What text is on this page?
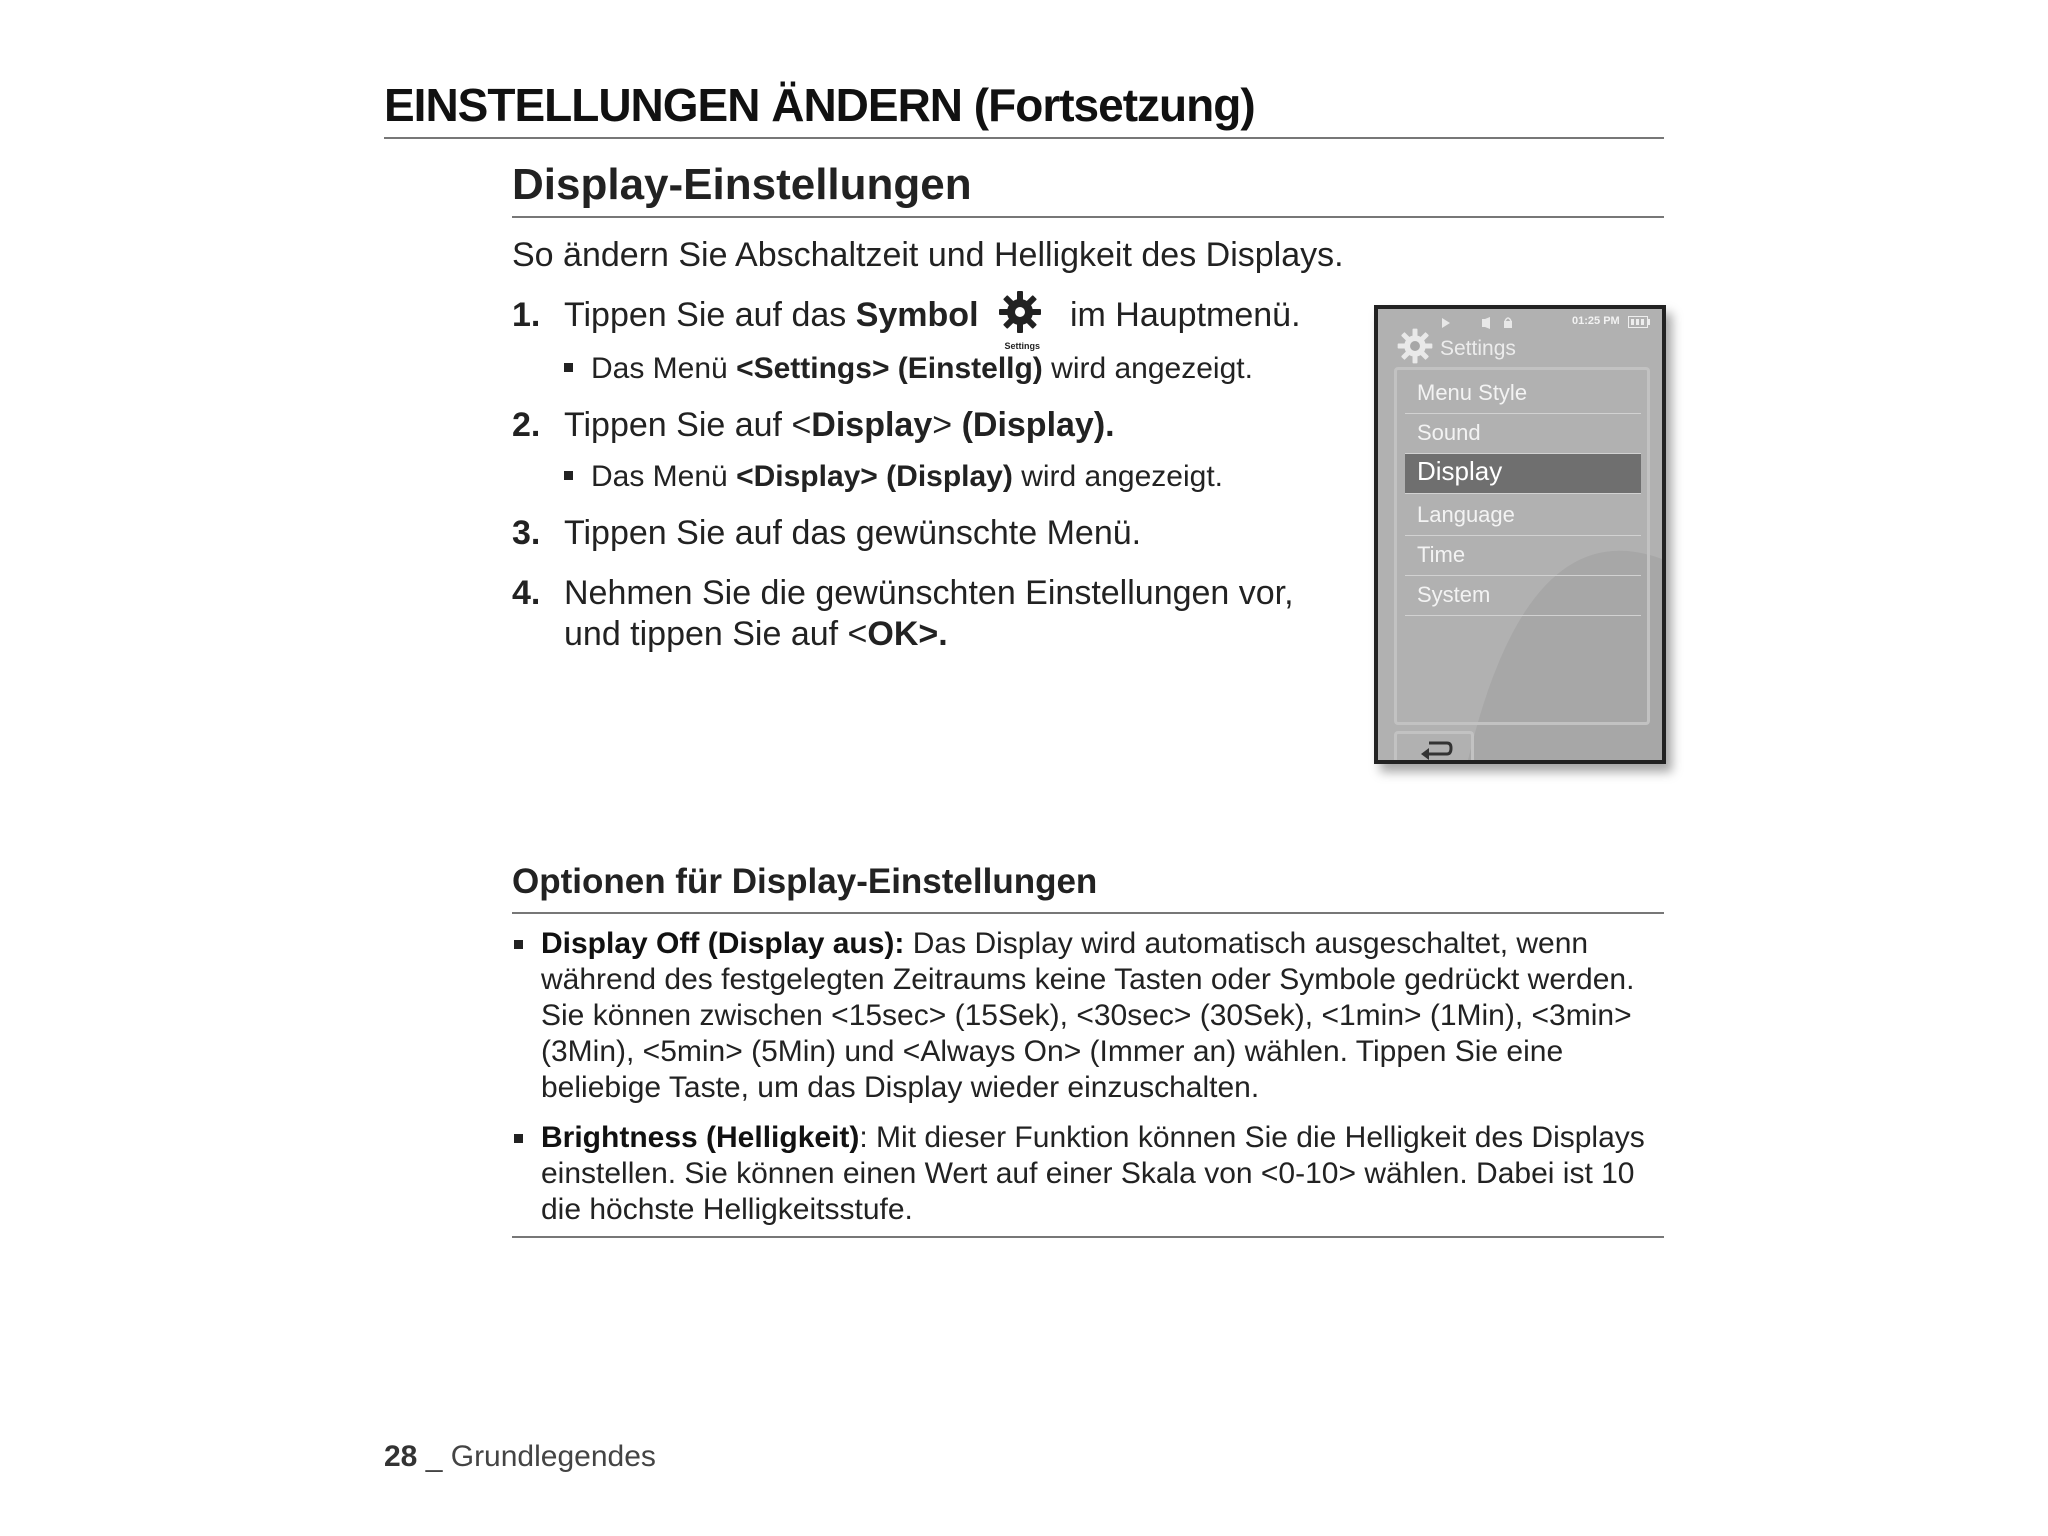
EINSTELLUNGEN ÄNDERN (Fortsetzung)
Display-Einstellungen
So ändern Sie Abschaltzeit und Helligkeit des Displays.
1. Tippen Sie auf das Symbol
Settings
im Hauptmenü.
Das Menü <Settings> (Einstellg) wird angezeigt.
2. Tippen Sie auf <Display> (Display).
Das Menü <Display> (Display) wird angezeigt.
3. Tippen Sie auf das gewünschte Menü.
4. Nehmen Sie die gewünschten Einstellungen vor,
und tippen Sie auf <OK>.
01:25 PM
Settings
Menu Style
Sound
Display
Language
Time
System
Optionen für Display-Einstellungen
Display Off (Display aus): Das Display wird automatisch ausgeschaltet, wenn während des festgelegten Zeitraums keine Tasten oder Symbole gedrückt werden. Sie können zwischen <15sec> (15Sek), <30sec> (30Sek), <1min> (1Min), <3min> (3Min), <5min> (5Min) und <Always On> (Immer an) wählen. Tippen Sie eine beliebige Taste, um das Display wieder einzuschalten.
Brightness (Helligkeit): Mit dieser Funktion können Sie die Helligkeit des Displays einstellen. Sie können einen Wert auf einer Skala von <0-10> wählen. Dabei ist 10 die höchste Helligkeitsstufe.
28 _ Grundlegendes
